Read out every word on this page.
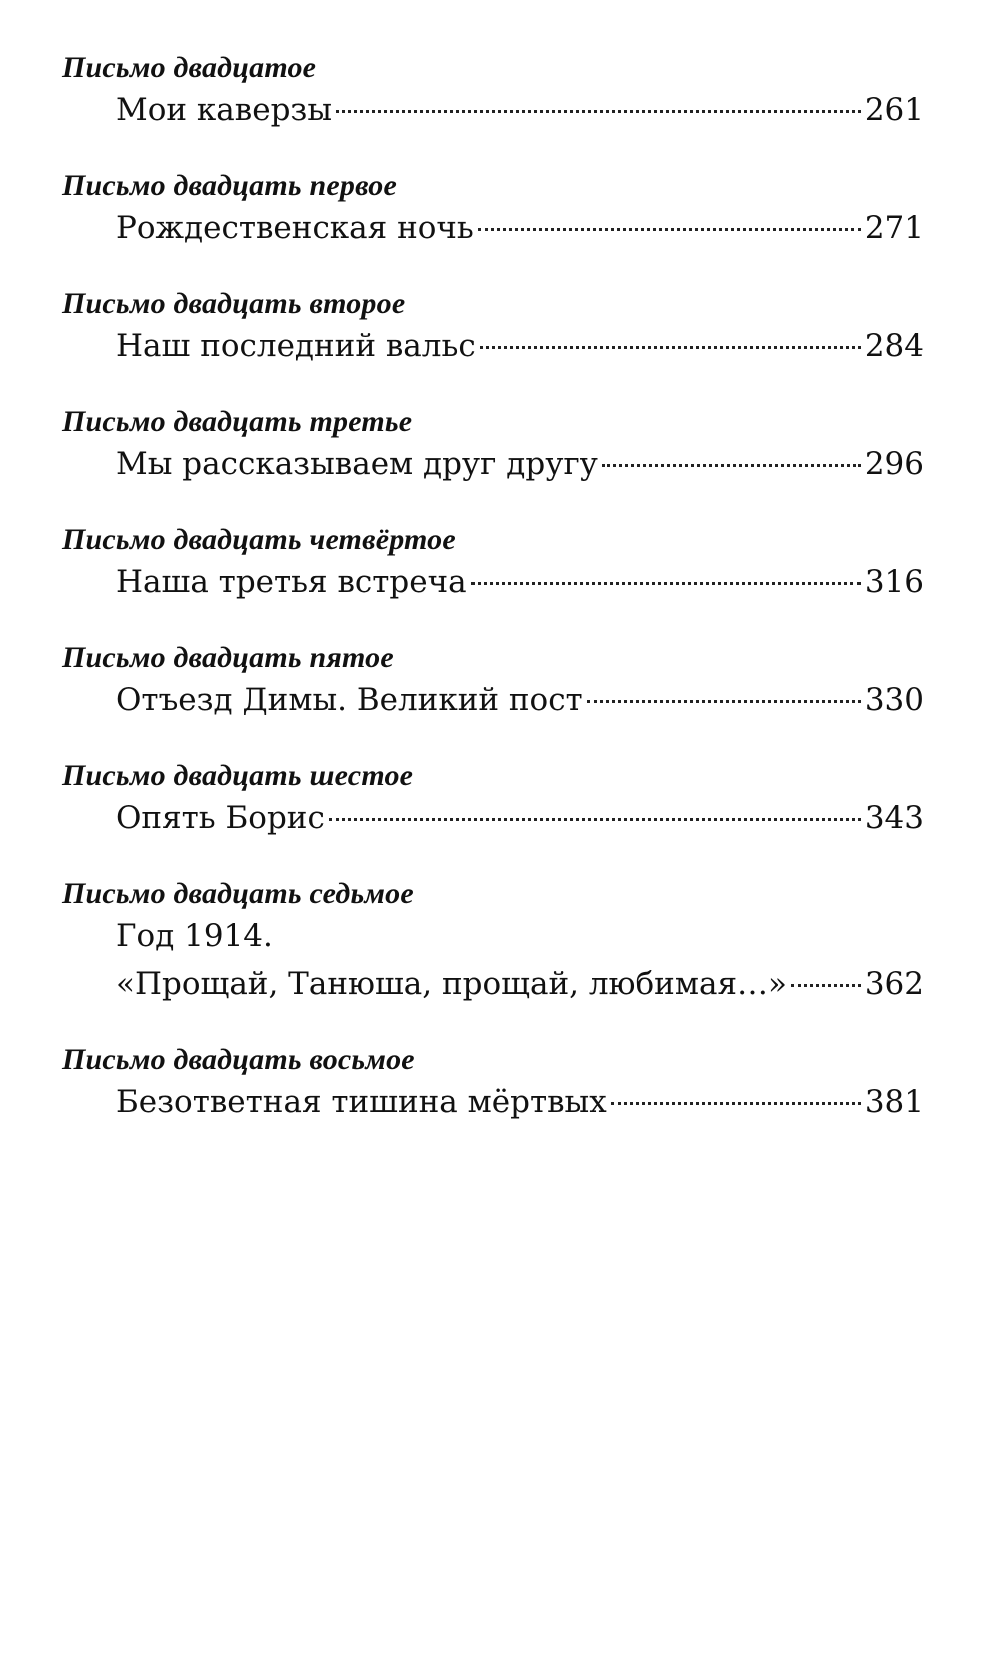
Письмо двадцатое
Мои каверзы	261
Письмо двадцать первое
Рождественская ночь	271
Письмо двадцать второе
Наш последний вальс	284
Письмо двадцать третье
Мы рассказываем друг другу	296
Письмо двадцать четвёртое
Наша третья встреча	316
Письмо двадцать пятое
Отъезд Димы. Великий пост	330
Письмо двадцать шестое
Опять Борис	343
Письмо двадцать седьмое
Год 1914.
«Прощай, Танюша, прощай, любимая…»	362
Письмо двадцать восьмое
Безответная тишина мёртвых	381
